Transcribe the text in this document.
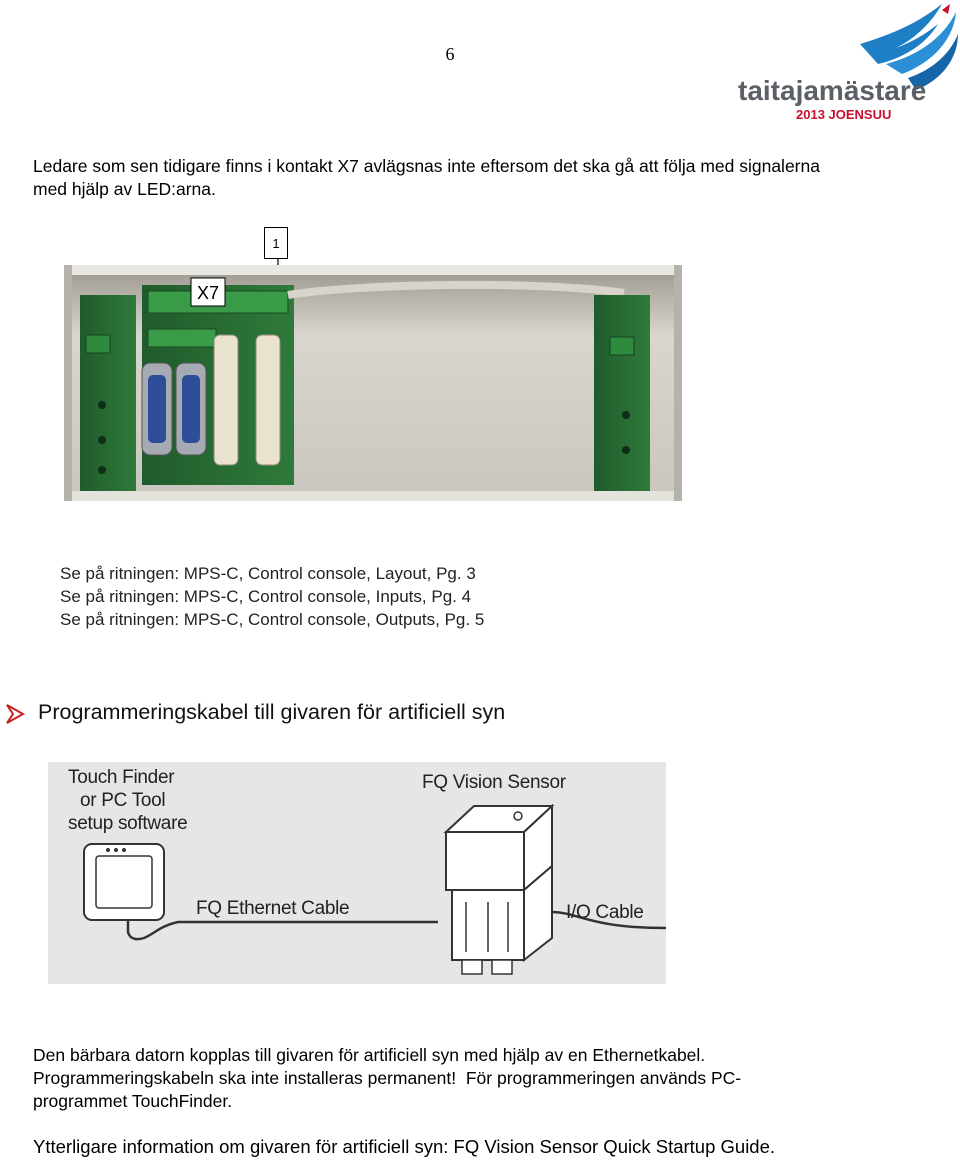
6
taitajamästare
2013 JOENSUU
Ledare som sen tidigare finns i kontakt X7 avlägsnas inte eftersom det ska gå att följa med signalerna med hjälp av LED:arna.
1
X7
Se på ritningen: MPS-C, Control console, Layout, Pg. 3
Se på ritningen: MPS-C, Control console, Inputs, Pg. 4
Se på ritningen: MPS-C, Control console, Outputs, Pg. 5
Programmeringskabel till givaren för artificiell syn
Touch Finder
or PC Tool
setup software
FQ Vision Sensor
FQ Ethernet Cable	I/O Cable
Den bärbara datorn kopplas till givaren för artificiell syn med hjälp av en Ethernetkabel.
Programmeringskabeln ska inte installeras permanent!  För programmeringen används PC-
programmet TouchFinder.
Ytterligare information om givaren för artificiell syn: FQ Vision Sensor Quick Startup Guide.
